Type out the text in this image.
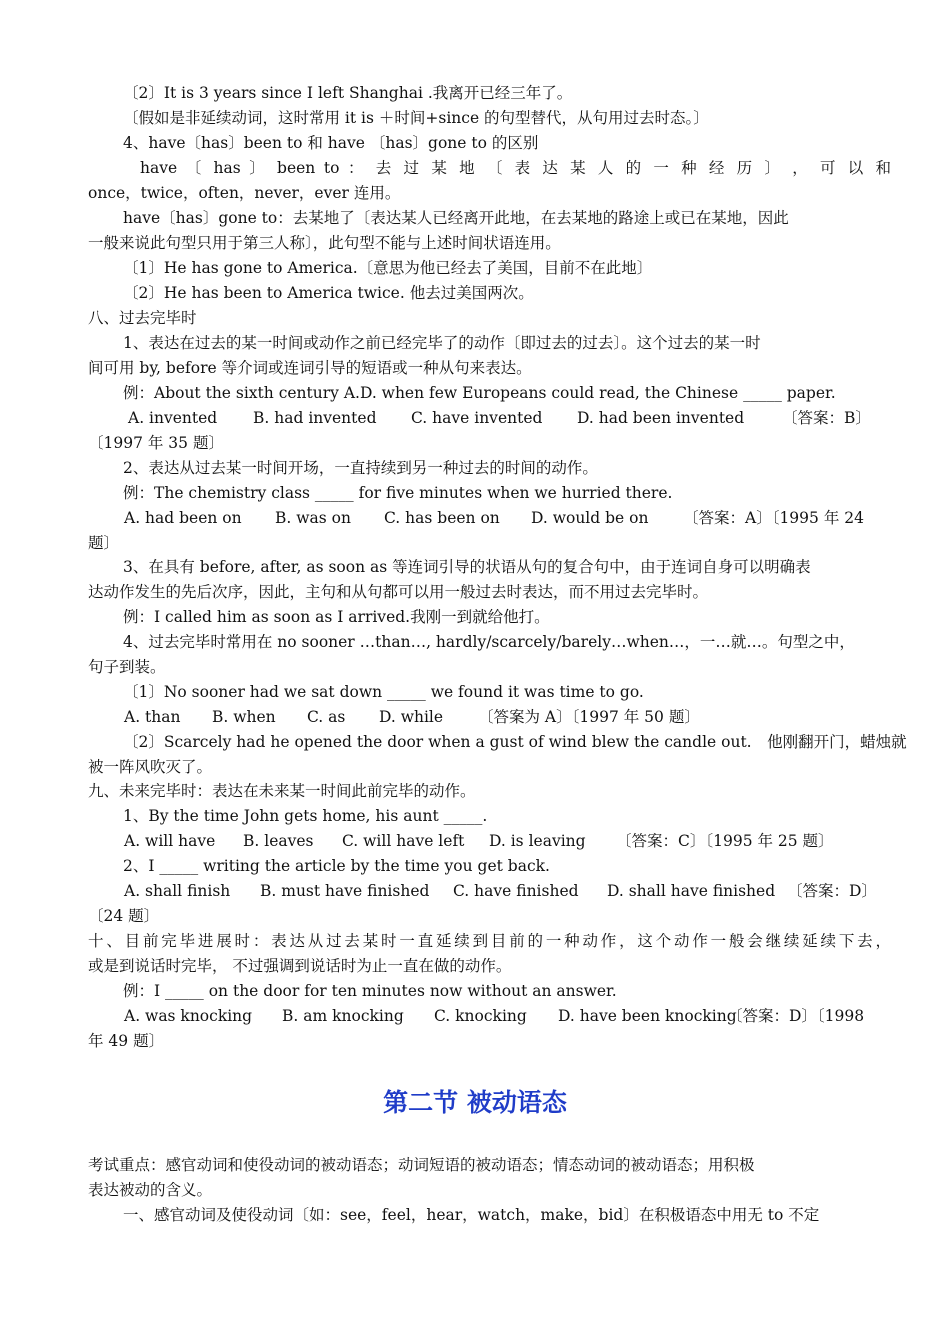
〔2〕It is 3 years since I left Shanghai .我离开已经三年了。
〔假如是非延续动词，这时常用 it is ＋时间+since 的句型替代，从句用过去时态。〕
4、have〔has〕been to 和 have 〔has〕gone to 的区别
have 〔 has 〕 been to ： 去 过 某 地 〔 表 达 某 人 的 一 种 经 历 〕 ， 可 以 和
once，twice，often，never，ever 连用。
have〔has〕gone to：去某地了〔表达某人已经离开此地，在去某地的路途上或已在某地，因此
一般来说此句型只用于第三人称〕，此句型不能与上述时间状语连用。
〔1〕He has gone to America.〔意思为他已经去了美国，目前不在此地〕
〔2〕He has been to America twice. 他去过美国两次。
八、过去完毕时
1、表达在过去的某一时间或动作之前已经完毕了的动作〔即过去的过去〕。这个过去的某一时
间可用 by, before 等介词或连词引导的短语或一种从句来表达。
例：About the sixth century A.D. when few Europeans could read, the Chinese _____ paper.
A. invented B. had invented C. have invented D. had been invented 〔答案：B〕
〔1997 年 35 题〕
2、表达从过去某一时间开场，一直持续到另一种过去的时间的动作。
例：The chemistry class _____ for five minutes when we hurried there.
A. had been on B. was on C. has been on D. would be on 〔答案：A〕〔1995 年 24
题〕
3、在具有 before, after, as soon as 等连词引导的状语从句的复合句中，由于连词自身可以明确表
达动作发生的先后次序，因此，主句和从句都可以用一般过去时表达，而不用过去完毕时。
例：I called him as soon as I arrived.我刚一到就给他打。
4、过去完毕时常用在 no sooner …than…, hardly/scarcely/barely…when…，一…就…。句型之中，
句子到装。
〔1〕No sooner had we sat down _____ we found it was time to go.
A. than B. when C. as D. while 〔答案为 A〕〔1997 年 50 题〕
〔2〕Scarcely had he opened the door when a gust of wind blew the candle out.　他刚翻开门，蜡烛就
被一阵风吹灭了。
九、未来完毕时：表达在未来某一时间此前完毕的动作。
1、By the time John gets home, his aunt _____.
A. will have B. leaves C. will have left D. is leaving 〔答案：C〕〔1995 年 25 题〕
2、I _____ writing the article by the time you get back.
A. shall finish B. must have finished C. have finished D. shall have finished 〔答案：D〕
〔24 题〕
十、目前完毕进展时：表达从过去某时一直延续到目前的一种动作，这个动作一般会继续延续下去，
或是到说话时完毕， 不过强调到说话时为止一直在做的动作。
例：I _____ on the door for ten minutes now without an answer.
A. was knocking B. am knocking C. knocking D. have been knocking
〔答案：D〕〔1998
年 49 题〕
第二节 被动语态
考试重点：感官动词和使役动词的被动语态；动词短语的被动语态；情态动词的被动语态；用积极
表达被动的含义。
一、感官动词及使役动词〔如：see，feel，hear，watch，make，bid〕在积极语态中用无 to 不定
